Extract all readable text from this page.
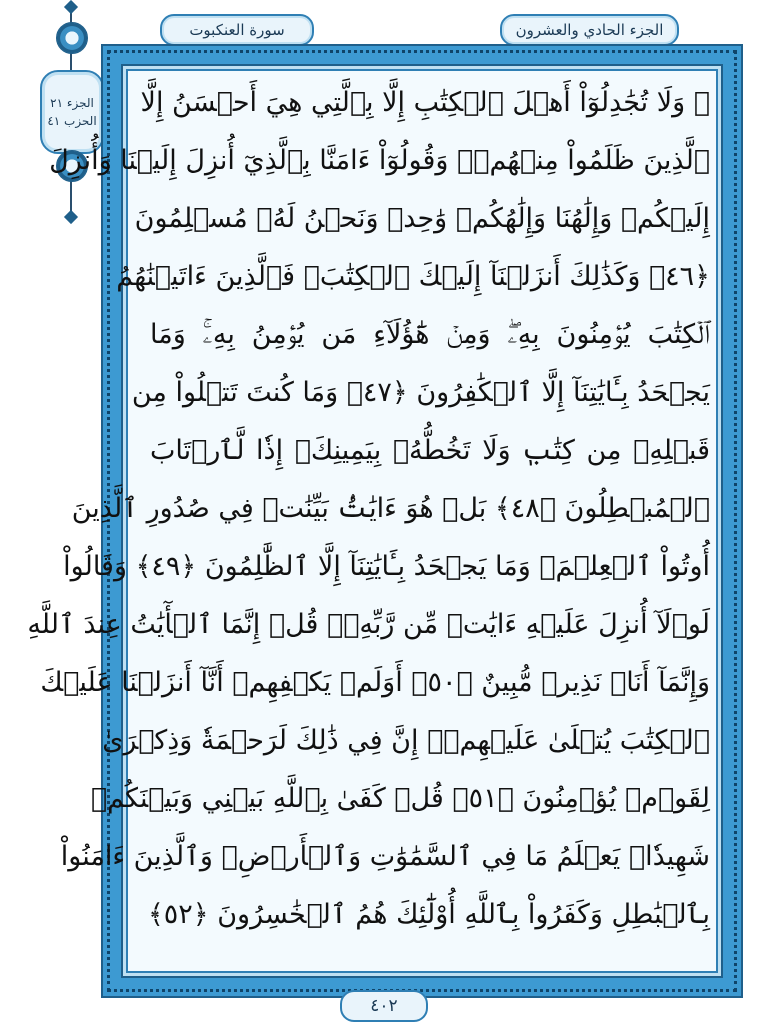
الجزء ٢١
الحزب ٤١
سورة العنكبوت	الجزء الحادي والعشرون
۞ وَلَا تُجَٰدِلُوٓاْ أَهۡلَ ٱلۡكِتَٰبِ إِلَّا بِٱلَّتِي هِيَ أَحۡسَنُ إِلَّا
ٱلَّذِينَ ظَلَمُواْ مِنۡهُمۡۖ وَقُولُوٓاْ ءَامَنَّا بِٱلَّذِيٓ أُنزِلَ إِلَيۡنَا وَأُنزِلَ
إِلَيۡكُمۡ وَإِلَٰهُنَا وَإِلَٰهُكُمۡ وَٰحِدٞ وَنَحۡنُ لَهُۥ مُسۡلِمُونَ
﴿٤٦﴾ وَكَذَٰلِكَ أَنزَلۡنَآ إِلَيۡكَ ٱلۡكِتَٰبَۚ فَٱلَّذِينَ ءَاتَيۡنَٰهُمُ
ٱلۡكِتَٰبَ يُؤۡمِنُونَ بِهِۦۖ وَمِنۡ هَٰٓؤُلَآءِ مَن يُؤۡمِنُ بِهِۦۚ وَمَا
يَجۡحَدُ بِـَٔايَٰتِنَآ إِلَّا ٱلۡكَٰفِرُونَ ﴿٤٧﴾ وَمَا كُنتَ تَتۡلُواْ مِن
قَبۡلِهِۦ مِن كِتَٰبٖ وَلَا تَخُطُّهُۥ بِيَمِينِكَۖ إِذٗا لَّٱرۡتَابَ
ٱلۡمُبۡطِلُونَ ﴿٤٨﴾ بَلۡ هُوَ ءَايَٰتُۢ بَيِّنَٰتٞ فِي صُدُورِ ٱلَّذِينَ
أُوتُواْ ٱلۡعِلۡمَۚ وَمَا يَجۡحَدُ بِـَٔايَٰتِنَآ إِلَّا ٱلظَّٰلِمُونَ ﴿٤٩﴾ وَقَالُواْ
لَوۡلَآ أُنزِلَ عَلَيۡهِ ءَايَٰتٞ مِّن رَّبِّهِۦۖ قُلۡ إِنَّمَا ٱلۡأٓيَٰتُ عِندَ ٱللَّهِ
وَإِنَّمَآ أَنَا۠ نَذِيرٞ مُّبِينٌ ﴿٥٠﴾ أَوَلَمۡ يَكۡفِهِمۡ أَنَّآ أَنزَلۡنَا عَلَيۡكَ
ٱلۡكِتَٰبَ يُتۡلَىٰ عَلَيۡهِمۡۚ إِنَّ فِي ذَٰلِكَ لَرَحۡمَةٗ وَذِكۡرَىٰ
لِقَوۡمٖ يُؤۡمِنُونَ ﴿٥١﴾ قُلۡ كَفَىٰ بِٱللَّهِ بَيۡنِي وَبَيۡنَكُمۡ
شَهِيدٗاۖ يَعۡلَمُ مَا فِي ٱلسَّمَٰوَٰتِ وَٱلۡأَرۡضِۗ وَٱلَّذِينَ ءَامَنُواْ
بِٱلۡبَٰطِلِ وَكَفَرُواْ بِٱللَّهِ أُوْلَٰٓئِكَ هُمُ ٱلۡخَٰسِرُونَ ﴿٥٢﴾
٤٠٢
